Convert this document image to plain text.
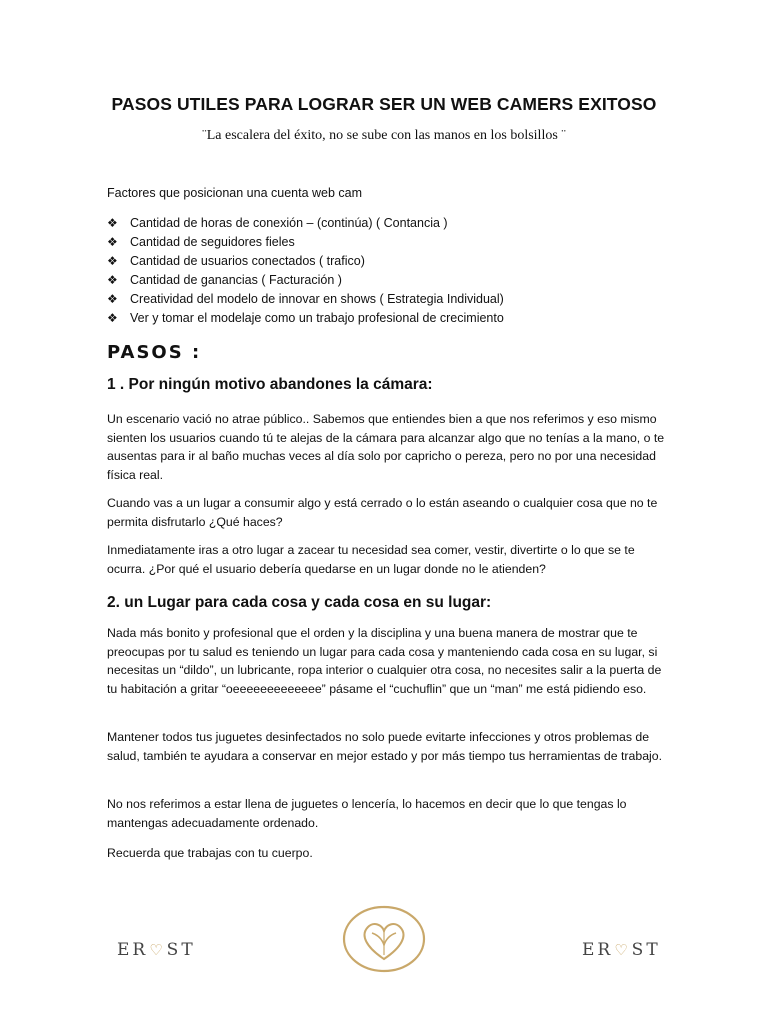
PASOS UTILES PARA LOGRAR SER UN WEB CAMERS EXITOSO
¨La escalera del éxito, no se sube con las manos en los bolsillos ¨
Factores que posicionan una cuenta web cam
❖ Cantidad de horas de conexión – (continúa) ( Contancia )
❖ Cantidad de seguidores fieles
❖ Cantidad de usuarios conectados ( trafico)
❖ Cantidad de ganancias ( Facturación )
❖ Creatividad del modelo de innovar en shows ( Estrategia Individual)
❖ Ver y tomar el modelaje como un trabajo profesional de crecimiento
PASOS :
1 . Por ningún motivo abandones la cámara:

Un escenario vació no atrae público.. Sabemos que entiendes bien a que nos referimos y eso mismo sienten los usuarios cuando tú te alejas de la cámara para alcanzar algo que no tenías a la mano, o te ausentas para ir al baño muchas veces al día solo por capricho o pereza, pero no por una necesidad física real.

Cuando vas a un lugar a consumir algo y está cerrado o lo están aseando o cualquier cosa que no te permita disfrutarlo ¿Qué haces?

Inmediatamente iras a otro lugar a zacear tu necesidad sea comer, vestir, divertirte o lo que se te ocurra. ¿Por qué el usuario debería quedarse en un lugar donde no le atienden?

2. un Lugar para cada cosa y cada cosa en su lugar:

Nada más bonito y profesional que el orden y la disciplina y una buena manera de mostrar que te preocupas por tu salud es teniendo un lugar para cada cosa y manteniendo cada cosa en su lugar, si necesitas un “dildo”, un lubricante, ropa interior o cualquier otra cosa, no necesites salir a la puerta de tu habitación a gritar “oeeeeeeeeeeeee” pásame el “cuchuflin” que un “man” me está pidiendo eso.

Mantener todos tus juguetes desinfectados no solo puede evitarte infecciones y otros problemas de salud, también te ayudara a conservar en mejor estado y por más tiempo tus herramientas de trabajo.

No nos referimos a estar llena de juguetes o lencería, lo hacemos en decir que lo que tengas lo mantengas adecuadamente ordenado.

Recuerda que trabajas con tu cuerpo.

ER ♡ ST	ER ♡ ST
